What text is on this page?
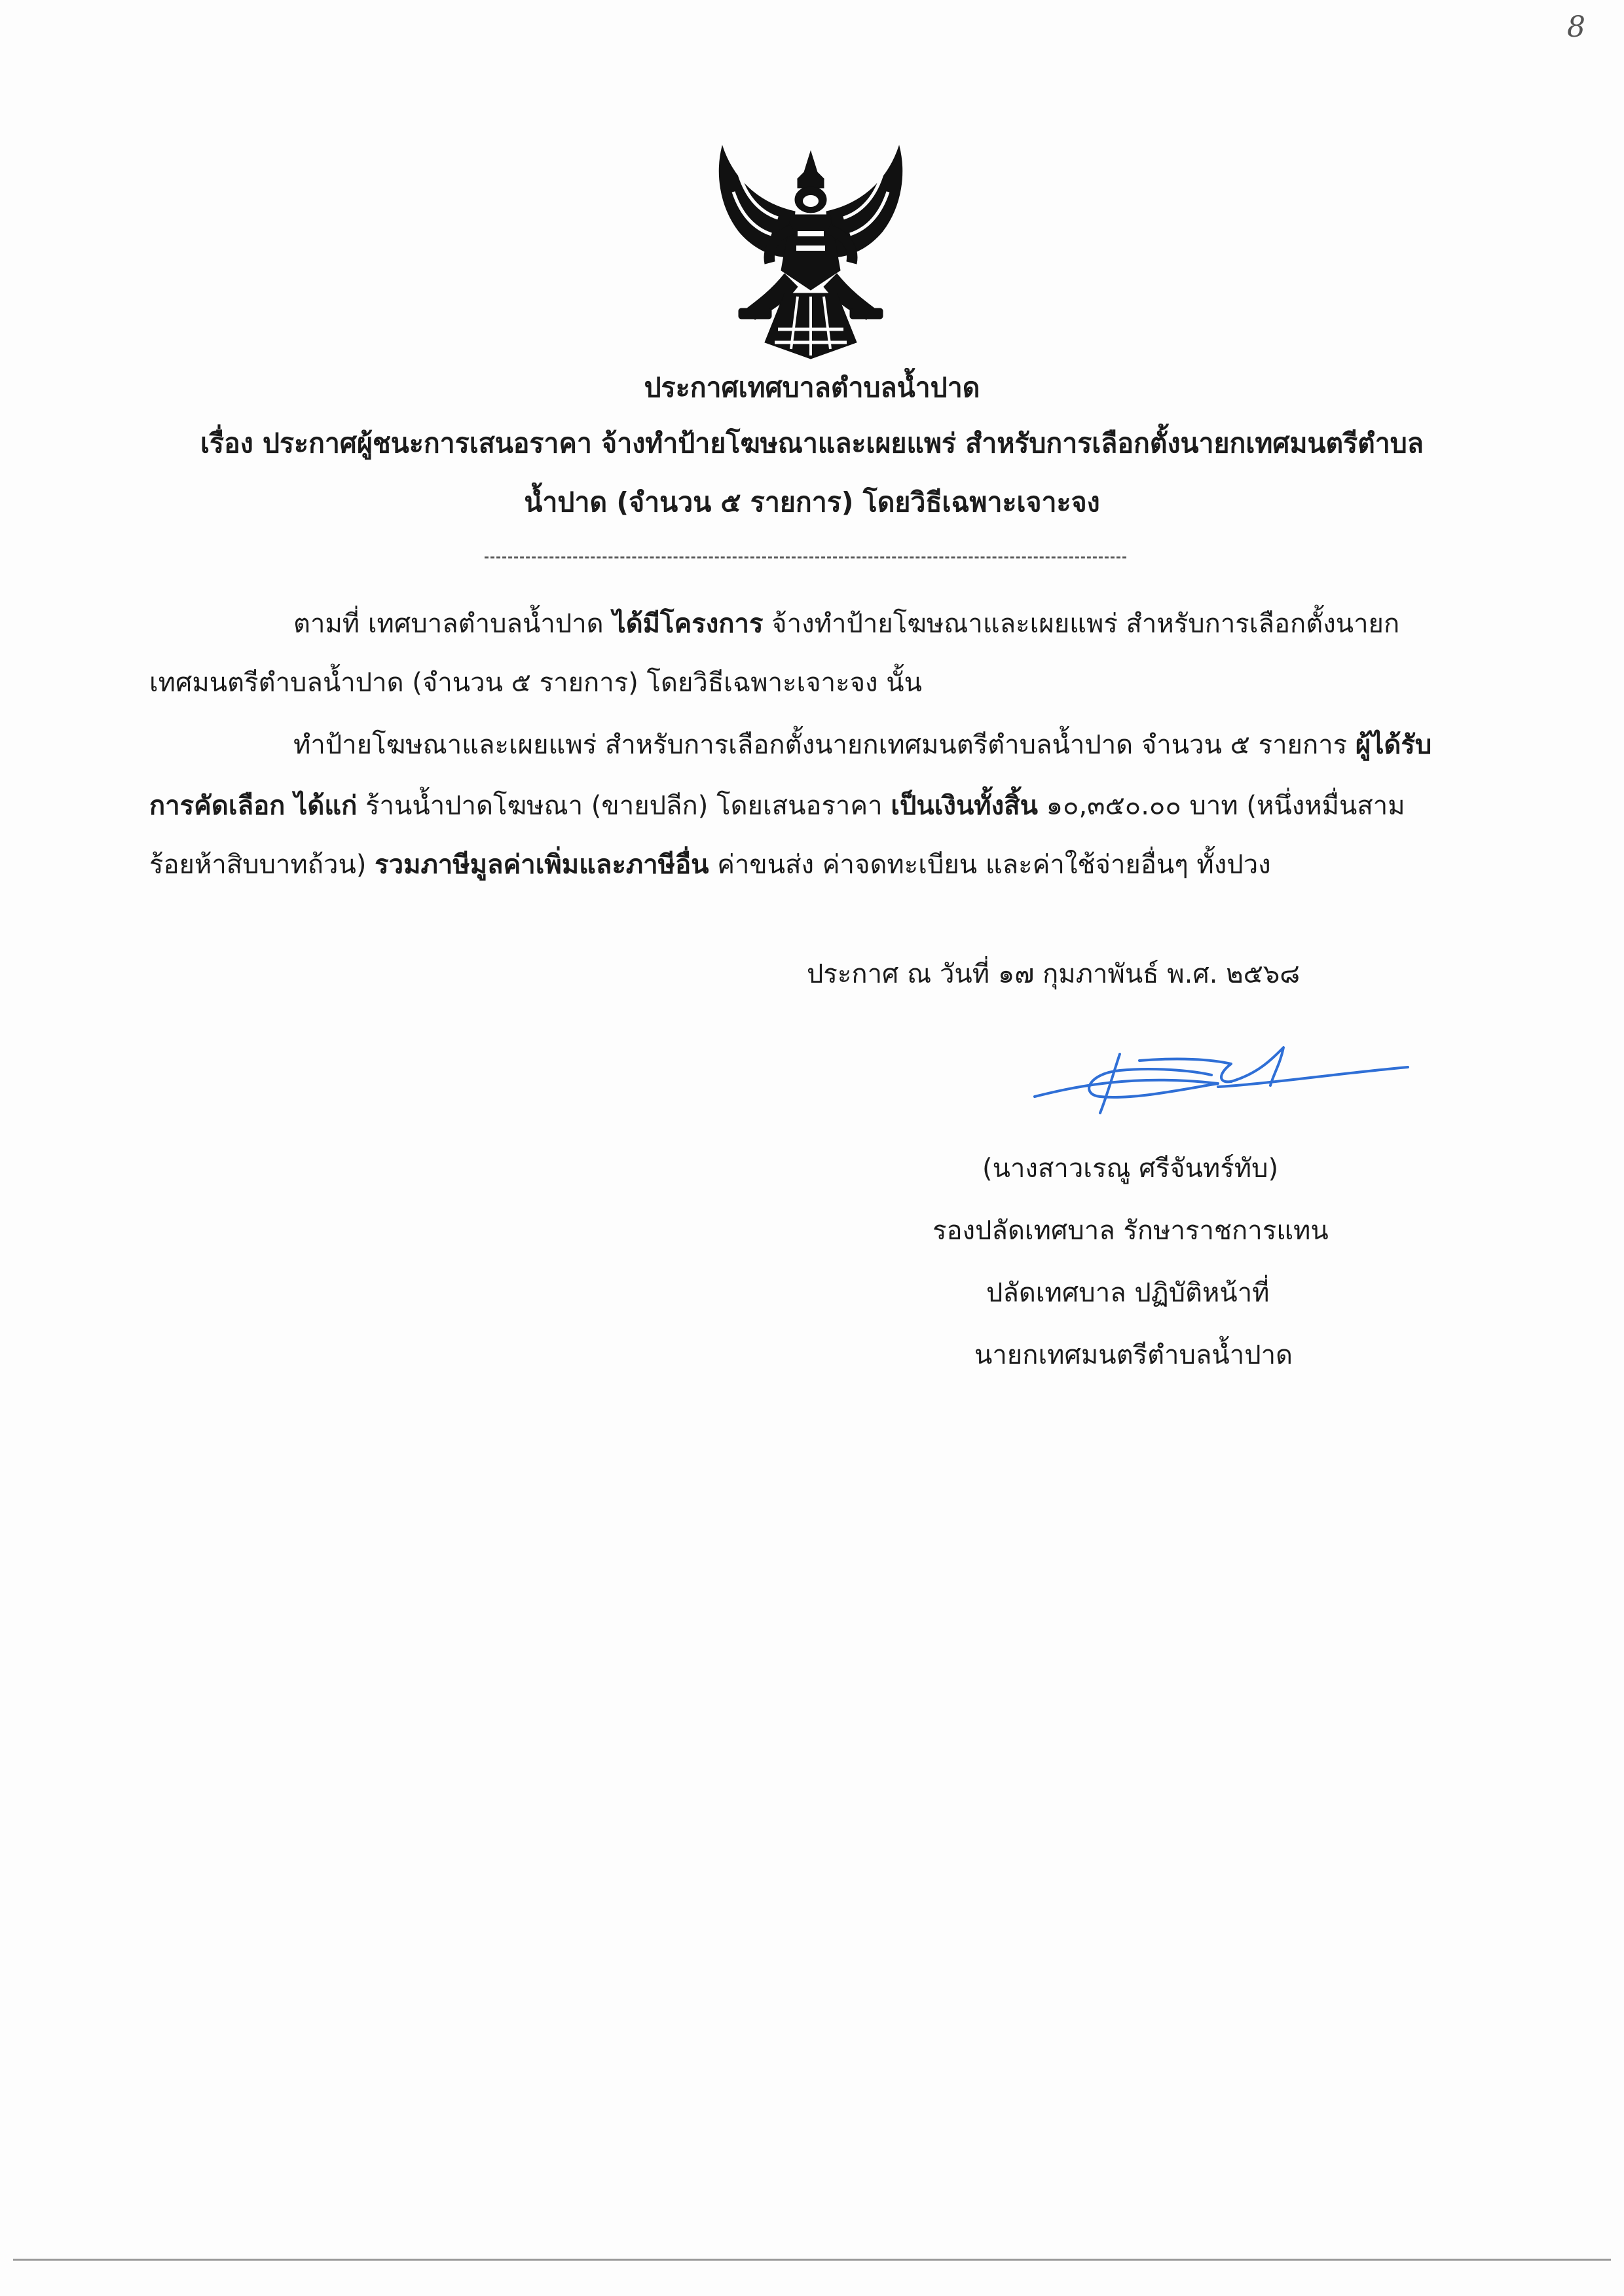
8
ประกาศเทศบาลตำบลน้ำปาด
เรื่อง ประกาศผู้ชนะการเสนอราคา จ้างทำป้ายโฆษณาและเผยแพร่ สำหรับการเลือกตั้งนายกเทศมนตรีตำบล
น้ำปาด (จำนวน ๕ รายการ) โดยวิธีเฉพาะเจาะจง
ตามที่ เทศบาลตำบลน้ำปาด ได้มีโครงการ จ้างทำป้ายโฆษณาและเผยแพร่ สำหรับการเลือกตั้งนายก
เทศมนตรีตำบลน้ำปาด (จำนวน ๕ รายการ) โดยวิธีเฉพาะเจาะจง นั้น
ทำป้ายโฆษณาและเผยแพร่ สำหรับการเลือกตั้งนายกเทศมนตรีตำบลน้ำปาด จำนวน ๕ รายการ ผู้ได้รับ
การคัดเลือก ได้แก่ ร้านน้ำปาดโฆษณา (ขายปลีก) โดยเสนอราคา เป็นเงินทั้งสิ้น ๑๐,๓๕๐.๐๐ บาท (หนึ่งหมื่นสาม
ร้อยห้าสิบบาทถ้วน) รวมภาษีมูลค่าเพิ่มและภาษีอื่น ค่าขนส่ง ค่าจดทะเบียน และค่าใช้จ่ายอื่นๆ ทั้งปวง
ประกาศ ณ วันที่ ๑๗ กุมภาพันธ์ พ.ศ. ๒๕๖๘
(นางสาวเรณู ศรีจันทร์ทับ)
รองปลัดเทศบาล รักษาราชการแทน
ปลัดเทศบาล ปฏิบัติหน้าที่
นายกเทศมนตรีตำบลน้ำปาด
